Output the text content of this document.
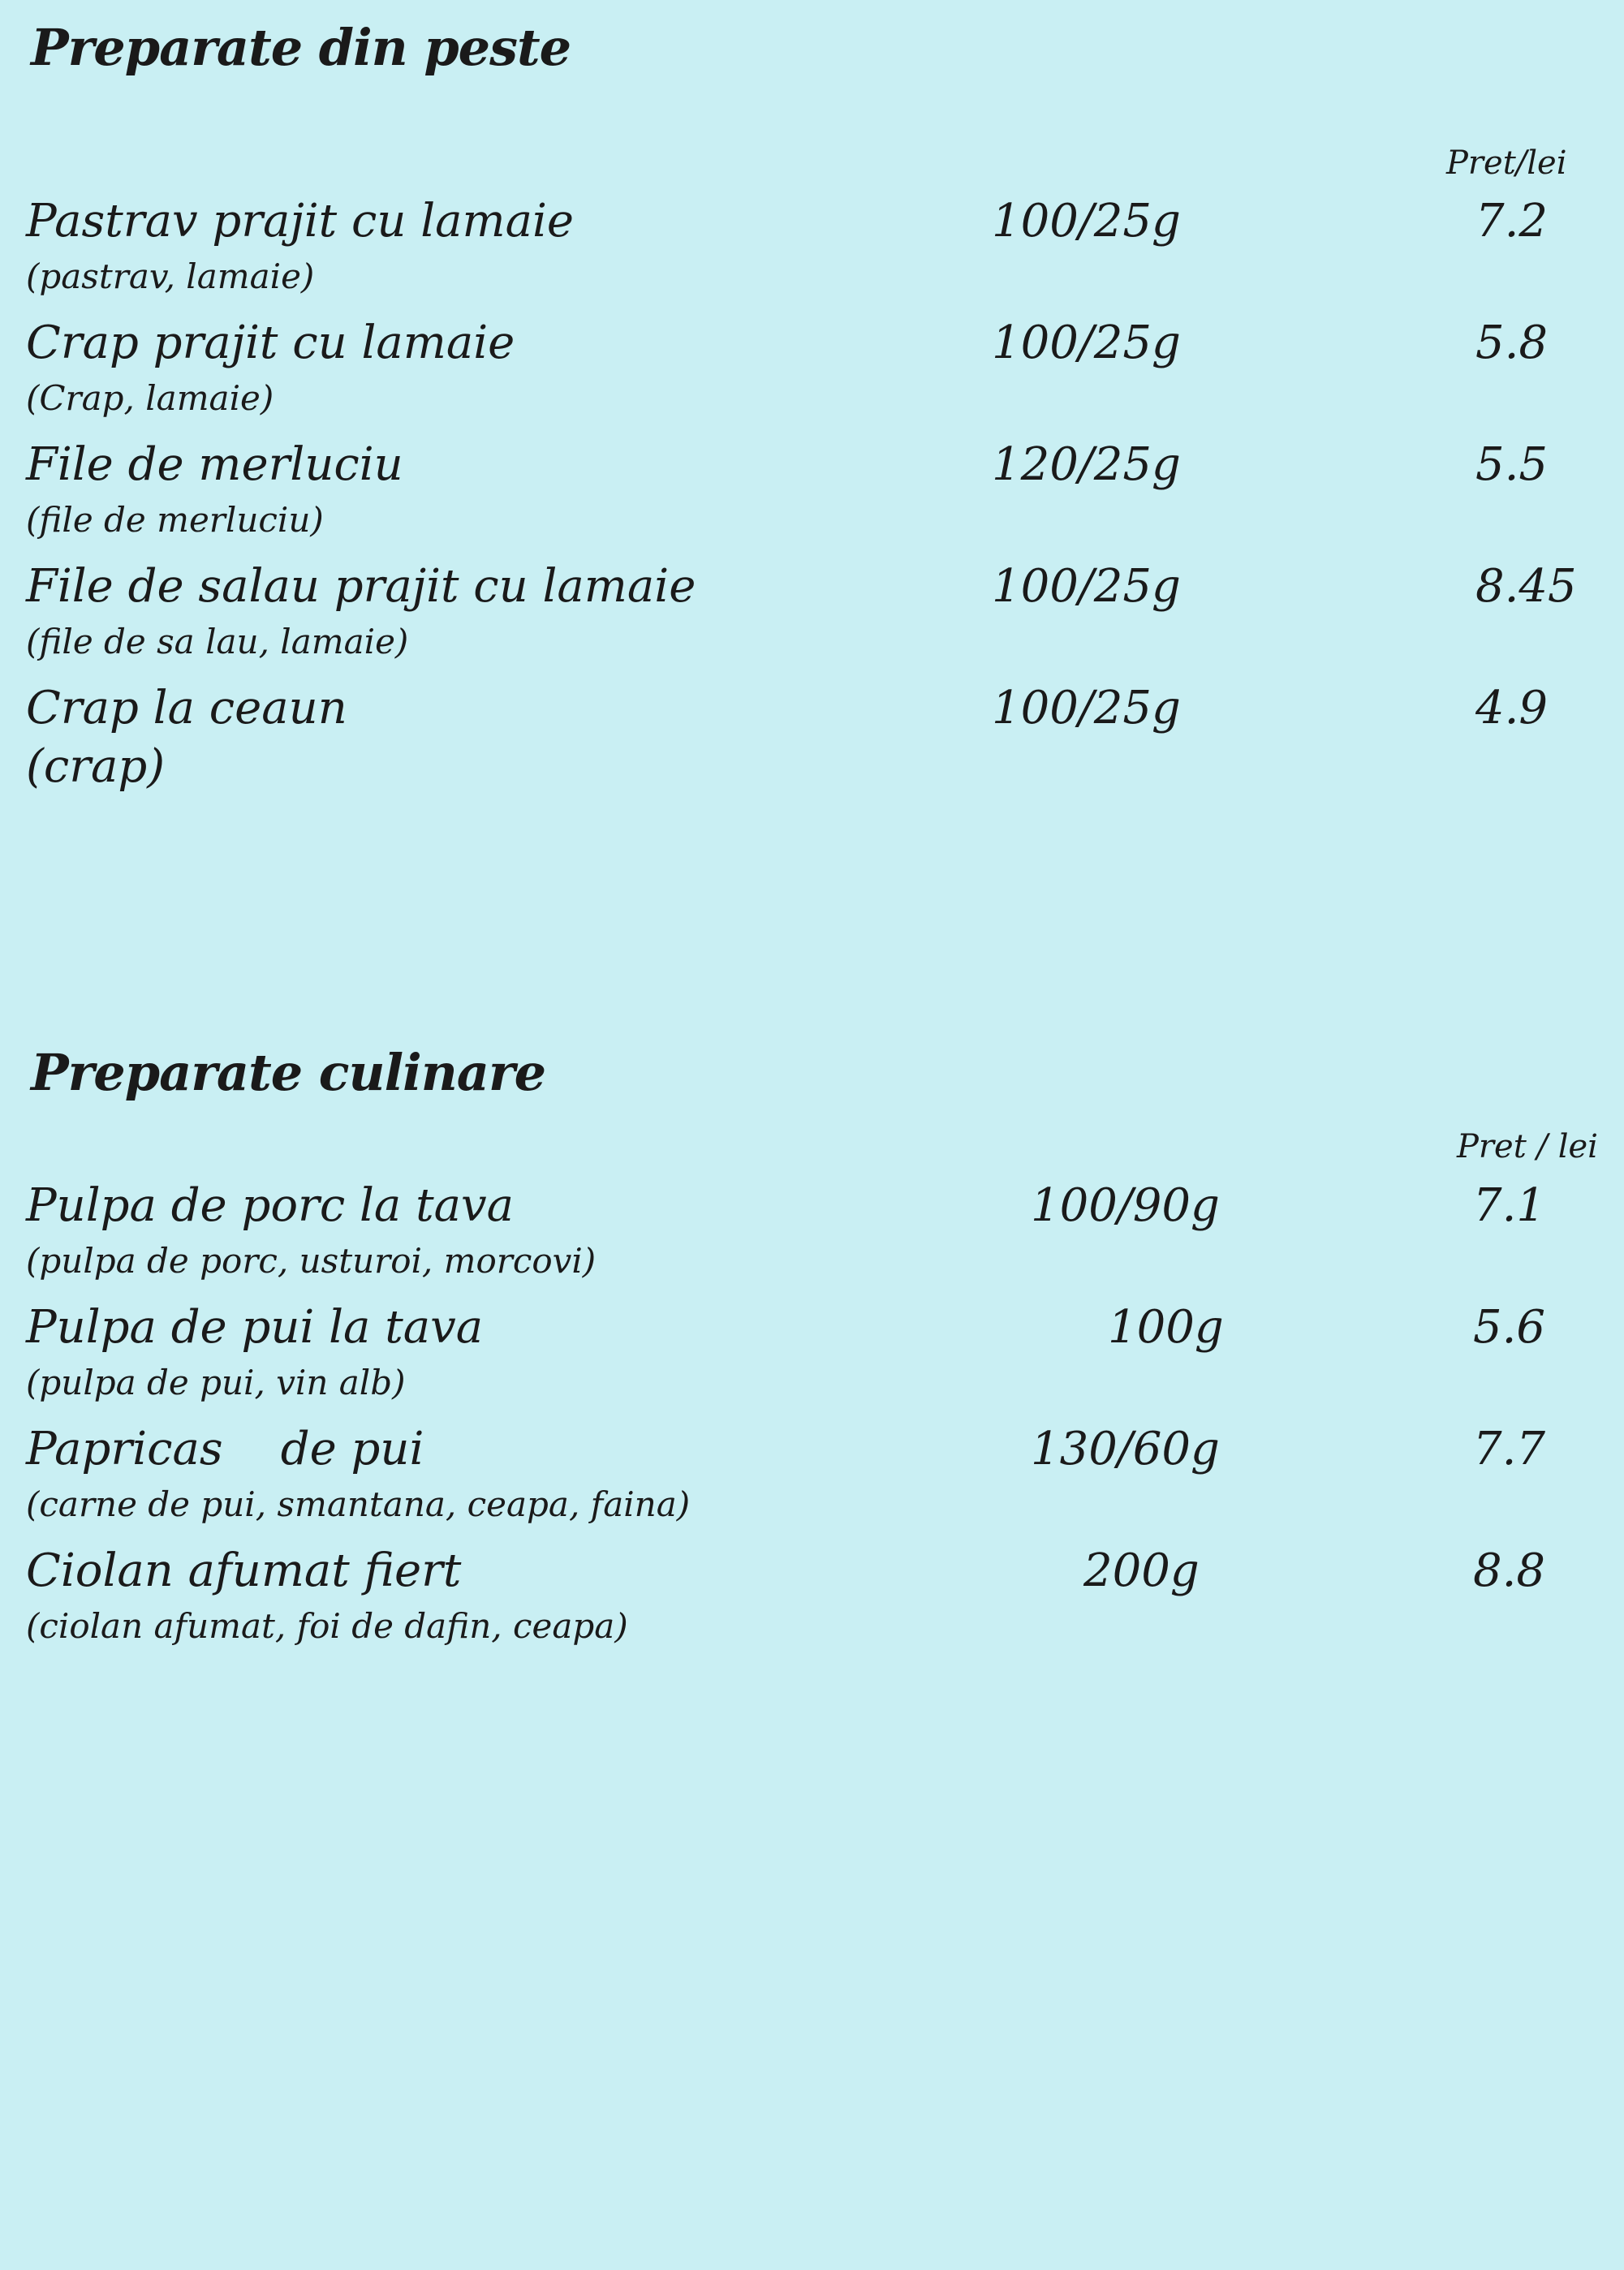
Preparate din peste
Pret/lei
Pastrav prajit cu lamaie
(pastrav, lamaie)
100/25g	7.2
Crap prajit cu lamaie
(Crap, lamaie)
100/25g	5.8
File de merluciu
(file de merluciu)
120/25g	5.5
File de salau prajit cu lamaie
(file de sa lau, lamaie)
100/25g	8.45
Crap la ceaun
(crap)
100/25g	4.9
Preparate culinare
Pret / lei
Pulpa de porc la tava
(pulpa de porc, usturoi, morcovi)
100/90g	7.1
Pulpa de pui la tava
(pulpa de pui, vin alb)
100g	5.6
Papricas    de pui
(carne de pui, smantana, ceapa, faina)
130/60g	7.7
Ciolan afumat fiert
(ciolan afumat, foi de dafin, ceapa)
200g	8.8
